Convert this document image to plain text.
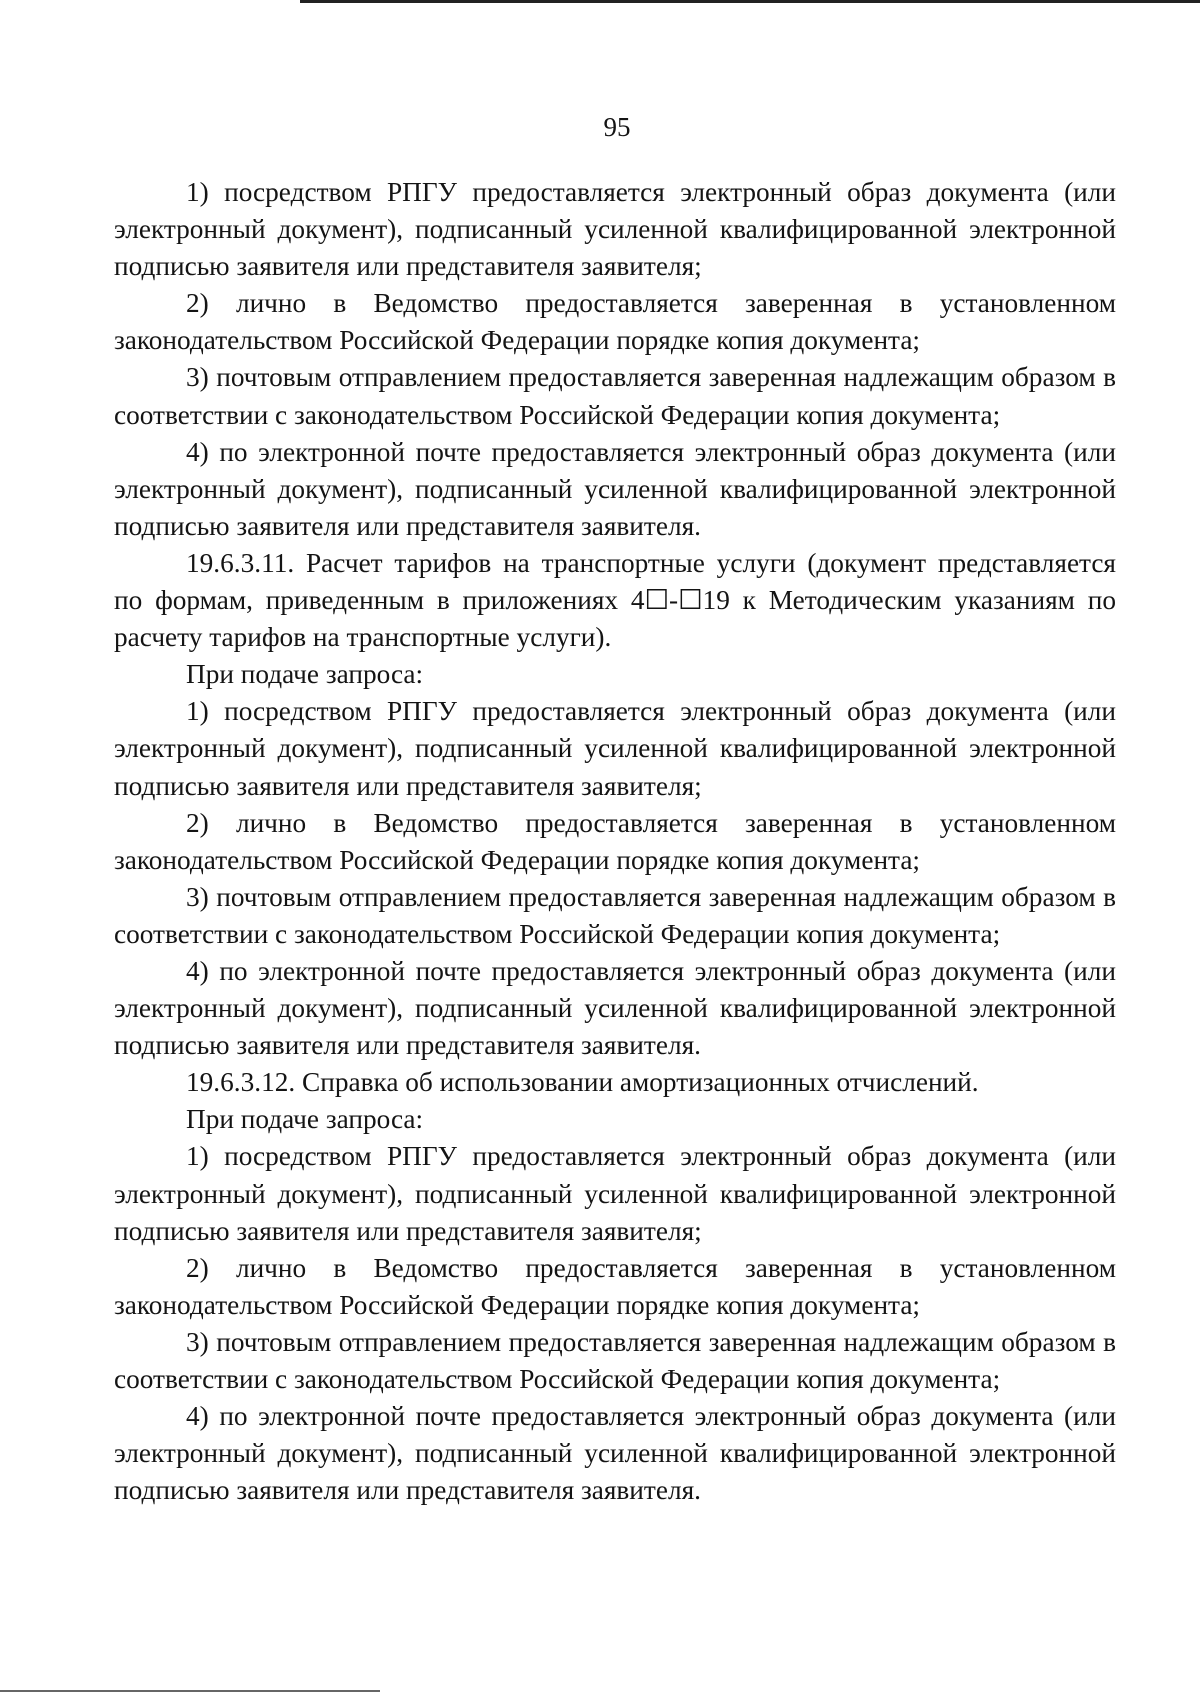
95

1) посредством РПГУ предоставляется электронный образ документа (или электронный документ), подписанный усиленной квалифицированной электронной подписью заявителя или представителя заявителя;

2) лично в Ведомство предоставляется заверенная в установленном законодательством Российской Федерации порядке копия документа;

3) почтовым отправлением предоставляется заверенная надлежащим образом в соответствии с законодательством Российской Федерации копия документа;

4) по электронной почте предоставляется электронный образ документа (или электронный документ), подписанный усиленной квалифицированной электронной подписью заявителя или представителя заявителя.

19.6.3.11. Расчет тарифов на транспортные услуги (документ представляется по формам, приведенным в приложениях 4☐-☐19 к Методическим указаниям по расчету тарифов на транспортные услуги).

При подаче запроса:

1) посредством РПГУ предоставляется электронный образ документа (или электронный документ), подписанный усиленной квалифицированной электронной подписью заявителя или представителя заявителя;

2) лично в Ведомство предоставляется заверенная в установленном законодательством Российской Федерации порядке копия документа;

3) почтовым отправлением предоставляется заверенная надлежащим образом в соответствии с законодательством Российской Федерации копия документа;

4) по электронной почте предоставляется электронный образ документа (или электронный документ), подписанный усиленной квалифицированной электронной подписью заявителя или представителя заявителя.

19.6.3.12. Справка об использовании амортизационных отчислений.

При подаче запроса:

1) посредством РПГУ предоставляется электронный образ документа (или электронный документ), подписанный усиленной квалифицированной электронной подписью заявителя или представителя заявителя;

2) лично в Ведомство предоставляется заверенная в установленном законодательством Российской Федерации порядке копия документа;

3) почтовым отправлением предоставляется заверенная надлежащим образом в соответствии с законодательством Российской Федерации копия документа;

4) по электронной почте предоставляется электронный образ документа (или электронный документ), подписанный усиленной квалифицированной электронной подписью заявителя или представителя заявителя.
